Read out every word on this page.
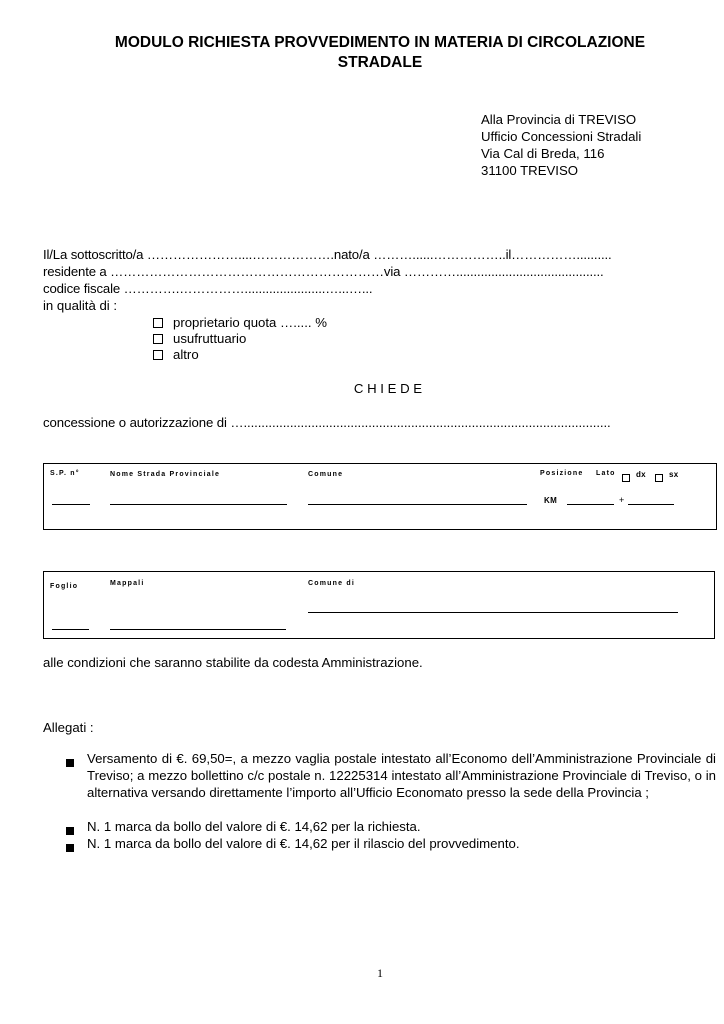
MODULO RICHIESTA PROVVEDIMENTO IN MATERIA DI CIRCOLAZIONE
STRADALE
Alla Provincia di TREVISO
Ufficio Concessioni Stradali
Via Cal di Breda, 116
31100 TREVISO
Il/La sottoscritto/a …………………....……………….nato/a ………......……………..il……………..........
residente a ………………………………………………………via …………..........................................
codice fiscale ………….…………….......................…...…...
in qualità di :
proprietario quota …..... %
usufruttuario
altro
C H I E D E
concessione o autorizzazione di ….......................................................................................................
S.P. n°	Nome Strada Provinciale	Comune	Posizione Lato	dx	sx
KM	+
Foglio	Mappali	Comune di
alle condizioni che saranno stabilite da codesta Amministrazione.
Allegati :
Versamento di €. 69,50=, a mezzo vaglia postale intestato all’Economo dell’Amministrazione Provinciale di Treviso; a mezzo bollettino c/c postale n. 12225314 intestato all’Amministrazione Provinciale di Treviso, o in alternativa versando direttamente l’importo all’Ufficio Economato presso la sede della Provincia ;
N. 1 marca da bollo del valore di €. 14,62 per la richiesta.
N. 1 marca da bollo del valore di €. 14,62 per il rilascio del provvedimento.
1
